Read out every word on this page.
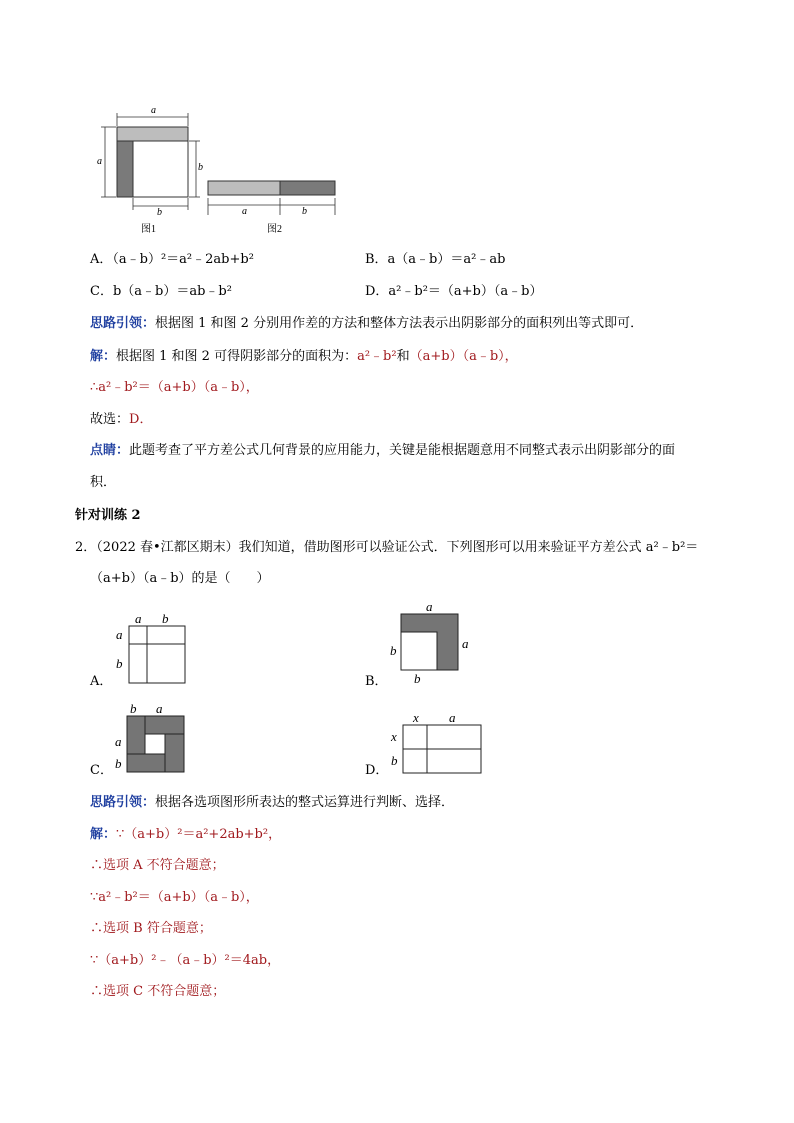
a
a
b
b
图1
a	b
图2
A．（a﹣b）²＝a²﹣2ab+b²	B．a（a﹣b）＝a²﹣ab
C．b（a﹣b）＝ab﹣b²	D．a²﹣b²＝（a+b）（a﹣b）
思路引领：根据图 1 和图 2 分别用作差的方法和整体方法表示出阴影部分的面积列出等式即可．
解：根据图 1 和图 2 可得阴影部分的面积为：a²﹣b²和（a+b）（a﹣b），
∴a²﹣b²＝（a+b）（a﹣b），
故选：D．
点睛：此题考查了平方差公式几何背景的应用能力，关键是能根据题意用不同整式表示出阴影部分的面
积．
针对训练 2
2．（2022 春•江都区期末）我们知道，借助图形可以验证公式．下列图形可以用来验证平方差公式 a²﹣b²＝
（a+b）（a﹣b）的是（　　）
a b
a
b
A．
a
a
b
b
B．
b a
a
b
C．
x a
x
b
D．
思路引领：根据各选项图形所表达的整式运算进行判断、选择．
解：∵（a+b）²＝a²+2ab+b²，
∴选项 A 不符合题意；
∵a²﹣b²＝（a+b）（a﹣b），
∴选项 B 符合题意；
∵（a+b）²﹣（a﹣b）²＝4ab，
∴选项 C 不符合题意；
